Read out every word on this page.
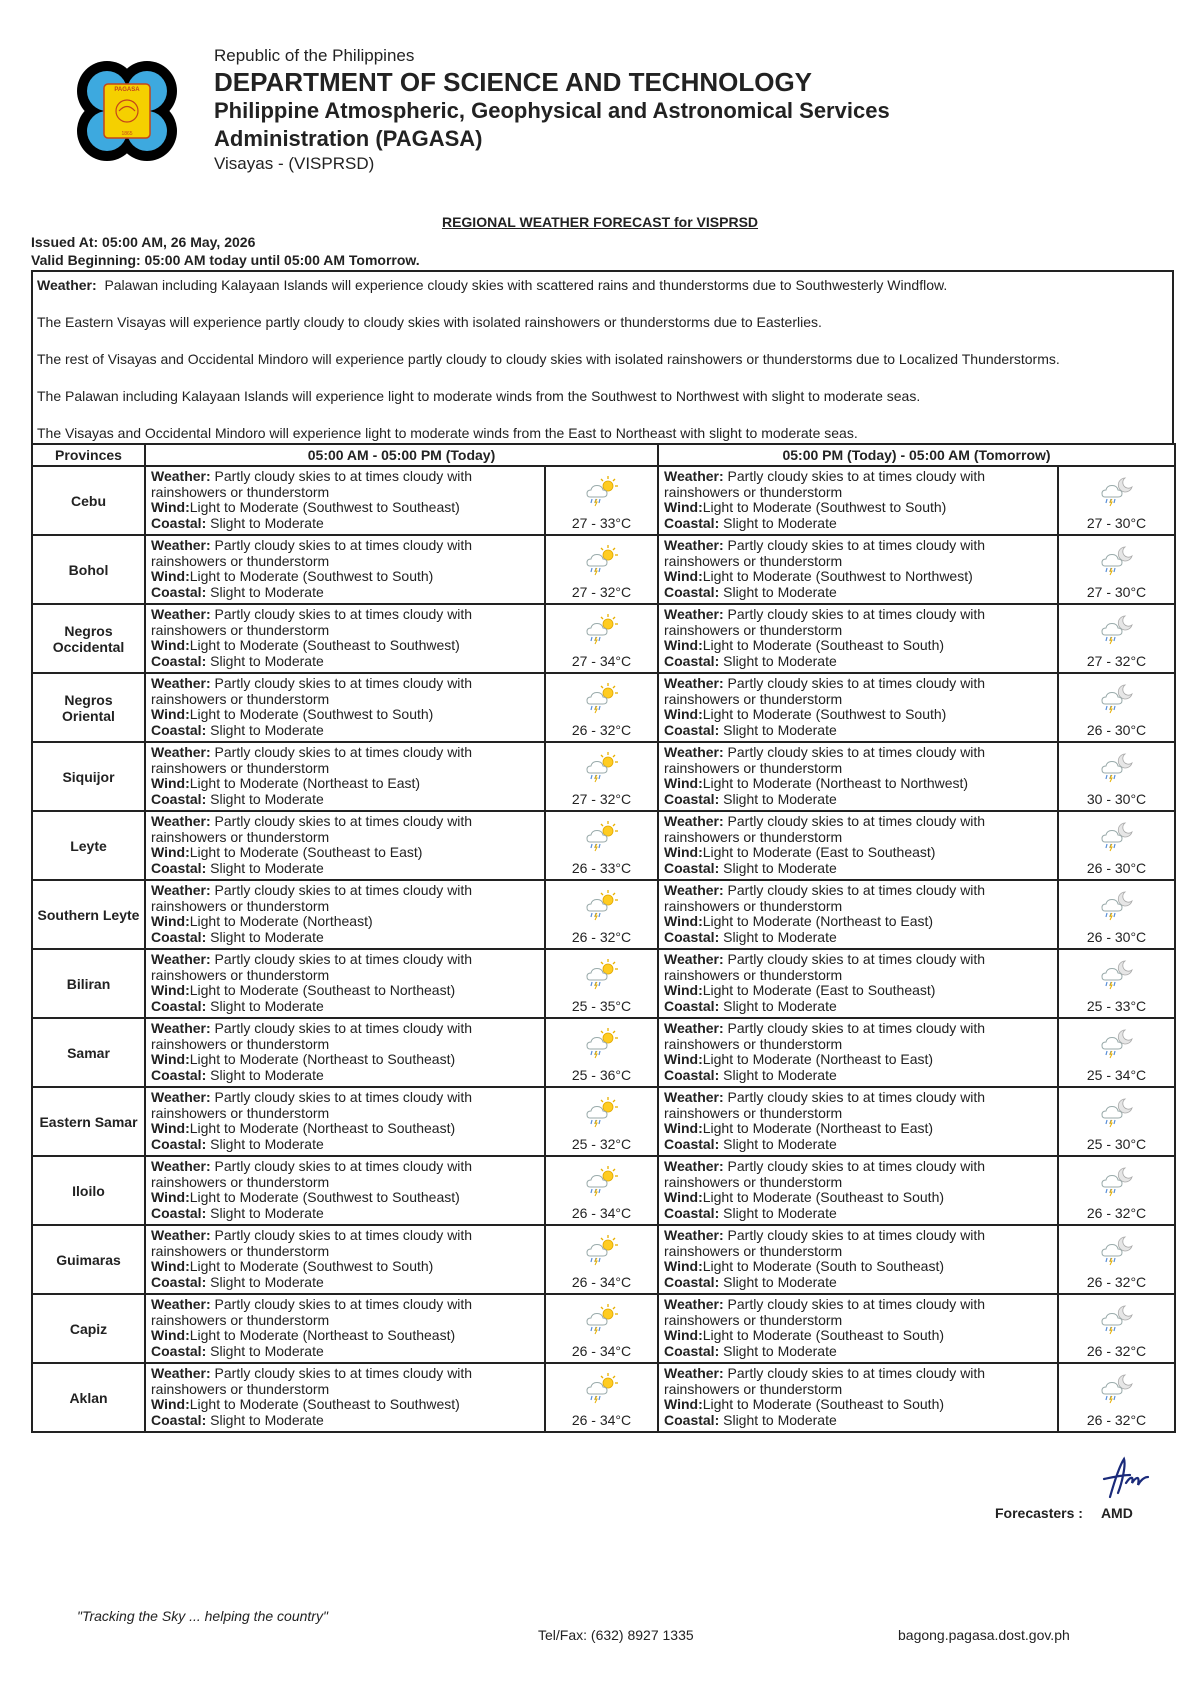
PAGASA
1865
Republic of the Philippines
DEPARTMENT OF SCIENCE AND TECHNOLOGY
Philippine Atmospheric, Geophysical and Astronomical Services
Administration (PAGASA)
Visayas - (VISPRSD)
REGIONAL WEATHER FORECAST for VISPRSD
Issued At: 05:00 AM, 26 May, 2026
Valid Beginning: 05:00 AM today until 05:00 AM Tomorrow.

Weather: Palawan including Kalayaan Islands will experience cloudy skies with scattered rains and thunderstorms due to Southwesterly Windflow.

The Eastern Visayas will experience partly cloudy to cloudy skies with isolated rainshowers or thunderstorms due to Easterlies.

The rest of Visayas and Occidental Mindoro will experience partly cloudy to cloudy skies with isolated rainshowers or thunderstorms due to Localized Thunderstorms.

The Palawan including Kalayaan Islands will experience light to moderate winds from the Southwest to Northwest with slight to moderate seas.

The Visayas and Occidental Mindoro will experience light to moderate winds from the East to Northeast with slight to moderate seas.

Provinces	05:00 AM - 05:00 PM (Today)		05:00 PM (Today) - 05:00 AM (Tomorrow)	
Cebu	Weather: Partly cloudy skies to at times cloudy with rainshowers or thunderstorm
Wind:Light to Moderate (Southwest to Southeast)
Coastal: Slight to Moderate	27 - 33°C	Weather: Partly cloudy skies to at times cloudy with rainshowers or thunderstorm
Wind:Light to Moderate (Southwest to South)
Coastal: Slight to Moderate	27 - 30°C

Bohol	Weather: Partly cloudy skies to at times cloudy with rainshowers or thunderstorm
Wind:Light to Moderate (Southwest to South)
Coastal: Slight to Moderate	27 - 32°C	Weather: Partly cloudy skies to at times cloudy with rainshowers or thunderstorm
Wind:Light to Moderate (Southwest to Northwest)
Coastal: Slight to Moderate	27 - 30°C

Negros Occidental	Weather: Partly cloudy skies to at times cloudy with rainshowers or thunderstorm
Wind:Light to Moderate (Southeast to Southwest)
Coastal: Slight to Moderate	27 - 34°C	Weather: Partly cloudy skies to at times cloudy with rainshowers or thunderstorm
Wind:Light to Moderate (Southeast to South)
Coastal: Slight to Moderate	27 - 32°C

Negros Oriental	Weather: Partly cloudy skies to at times cloudy with rainshowers or thunderstorm
Wind:Light to Moderate (Southwest to South)
Coastal: Slight to Moderate	26 - 32°C	Weather: Partly cloudy skies to at times cloudy with rainshowers or thunderstorm
Wind:Light to Moderate (Southwest to South)
Coastal: Slight to Moderate	26 - 30°C

Siquijor	Weather: Partly cloudy skies to at times cloudy with rainshowers or thunderstorm
Wind:Light to Moderate (Northeast to East)
Coastal: Slight to Moderate	27 - 32°C	Weather: Partly cloudy skies to at times cloudy with rainshowers or thunderstorm
Wind:Light to Moderate (Northeast to Northwest)
Coastal: Slight to Moderate	30 - 30°C

Leyte	Weather: Partly cloudy skies to at times cloudy with rainshowers or thunderstorm
Wind:Light to Moderate (Southeast to East)
Coastal: Slight to Moderate	26 - 33°C	Weather: Partly cloudy skies to at times cloudy with rainshowers or thunderstorm
Wind:Light to Moderate (East to Southeast)
Coastal: Slight to Moderate	26 - 30°C

Southern Leyte	Weather: Partly cloudy skies to at times cloudy with rainshowers or thunderstorm
Wind:Light to Moderate (Northeast)
Coastal: Slight to Moderate	26 - 32°C	Weather: Partly cloudy skies to at times cloudy with rainshowers or thunderstorm
Wind:Light to Moderate (Northeast to East)
Coastal: Slight to Moderate	26 - 30°C

Biliran	Weather: Partly cloudy skies to at times cloudy with rainshowers or thunderstorm
Wind:Light to Moderate (Southeast to Northeast)
Coastal: Slight to Moderate	25 - 35°C	Weather: Partly cloudy skies to at times cloudy with rainshowers or thunderstorm
Wind:Light to Moderate (East to Southeast)
Coastal: Slight to Moderate	25 - 33°C

Samar	Weather: Partly cloudy skies to at times cloudy with rainshowers or thunderstorm
Wind:Light to Moderate (Northeast to Southeast)
Coastal: Slight to Moderate	25 - 36°C	Weather: Partly cloudy skies to at times cloudy with rainshowers or thunderstorm
Wind:Light to Moderate (Northeast to East)
Coastal: Slight to Moderate	25 - 34°C

Eastern Samar	Weather: Partly cloudy skies to at times cloudy with rainshowers or thunderstorm
Wind:Light to Moderate (Northeast to Southeast)
Coastal: Slight to Moderate	25 - 32°C	Weather: Partly cloudy skies to at times cloudy with rainshowers or thunderstorm
Wind:Light to Moderate (Northeast to East)
Coastal: Slight to Moderate	25 - 30°C

Iloilo	Weather: Partly cloudy skies to at times cloudy with rainshowers or thunderstorm
Wind:Light to Moderate (Southwest to Southeast)
Coastal: Slight to Moderate	26 - 34°C	Weather: Partly cloudy skies to at times cloudy with rainshowers or thunderstorm
Wind:Light to Moderate (Southeast to South)
Coastal: Slight to Moderate	26 - 32°C

Guimaras	Weather: Partly cloudy skies to at times cloudy with rainshowers or thunderstorm
Wind:Light to Moderate (Southwest to South)
Coastal: Slight to Moderate	26 - 34°C	Weather: Partly cloudy skies to at times cloudy with rainshowers or thunderstorm
Wind:Light to Moderate (South to Southeast)
Coastal: Slight to Moderate	26 - 32°C

Capiz	Weather: Partly cloudy skies to at times cloudy with rainshowers or thunderstorm
Wind:Light to Moderate (Northeast to Southeast)
Coastal: Slight to Moderate	26 - 34°C	Weather: Partly cloudy skies to at times cloudy with rainshowers or thunderstorm
Wind:Light to Moderate (Southeast to South)
Coastal: Slight to Moderate	26 - 32°C

Aklan	Weather: Partly cloudy skies to at times cloudy with rainshowers or thunderstorm
Wind:Light to Moderate (Southeast to Southwest)
Coastal: Slight to Moderate	26 - 34°C	Weather: Partly cloudy skies to at times cloudy with rainshowers or thunderstorm
Wind:Light to Moderate (Southeast to South)
Coastal: Slight to Moderate	26 - 32°C
Forecasters : AMD
"Tracking the Sky ... helping the country"
Tel/Fax: (632) 8927 1335	bagong.pagasa.dost.gov.ph
